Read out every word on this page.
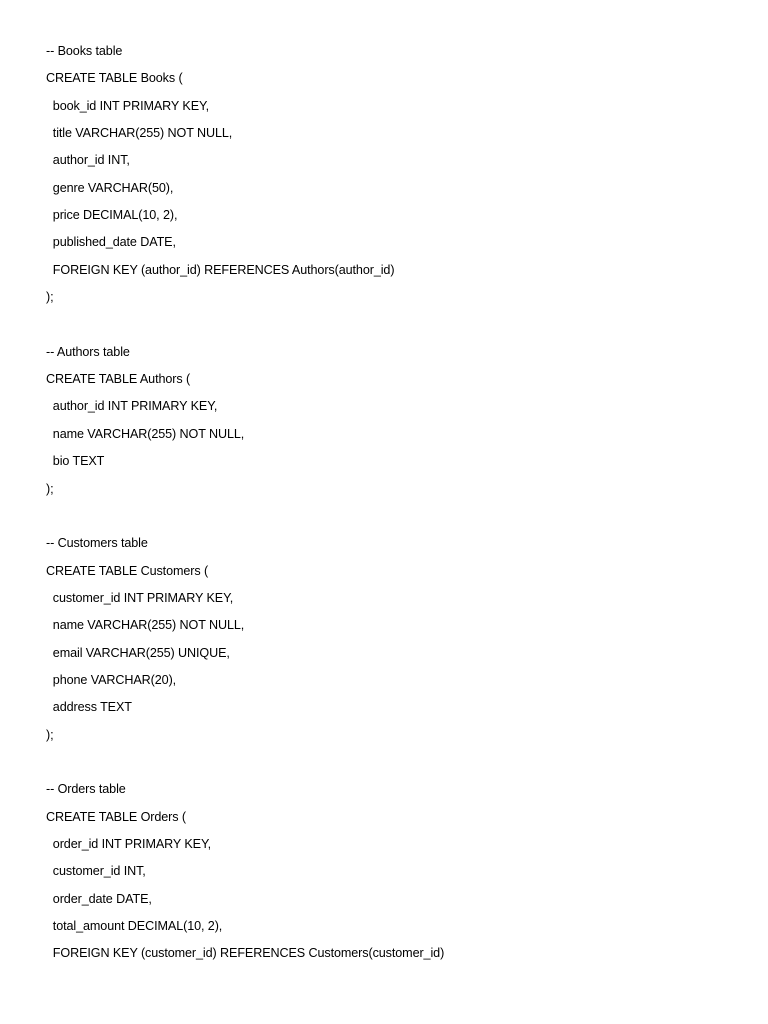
-- Books table
CREATE TABLE Books (
book_id INT PRIMARY KEY,
title VARCHAR(255) NOT NULL,
author_id INT,
genre VARCHAR(50),
price DECIMAL(10, 2),
published_date DATE,
FOREIGN KEY (author_id) REFERENCES Authors(author_id)
);
-- Authors table
CREATE TABLE Authors (
author_id INT PRIMARY KEY,
name VARCHAR(255) NOT NULL,
bio TEXT
);
-- Customers table
CREATE TABLE Customers (
customer_id INT PRIMARY KEY,
name VARCHAR(255) NOT NULL,
email VARCHAR(255) UNIQUE,
phone VARCHAR(20),
address TEXT
);
-- Orders table
CREATE TABLE Orders (
order_id INT PRIMARY KEY,
customer_id INT,
order_date DATE,
total_amount DECIMAL(10, 2),
FOREIGN KEY (customer_id) REFERENCES Customers(customer_id)
